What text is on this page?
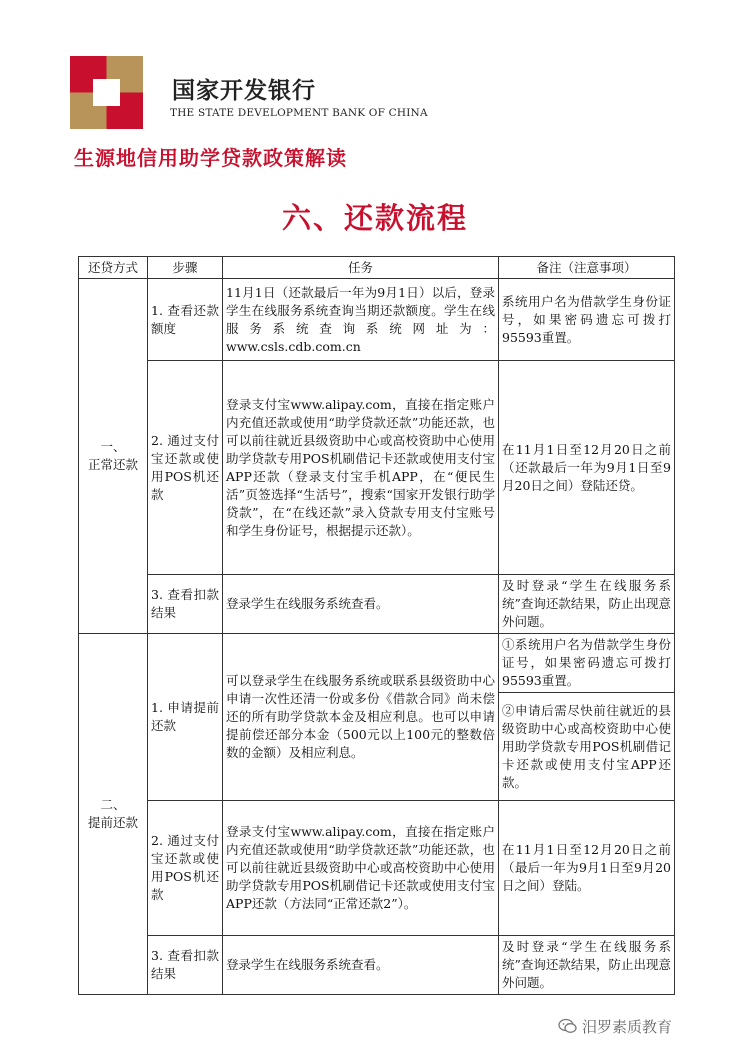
国家开发银行
THE STATE DEVELOPMENT BANK OF CHINA
生源地信用助学贷款政策解读
六、还款流程
还贷方式	步骤	任务	备注（注意事项）

一、
正常还款	1. 查看还款额度	11月1日（还款最后一年为9月1日）以后，登录学生在线服务系统查询当期还款额度。学生在线服务系统查询系统网址为：www.csls.cdb.com.cn	系统用户名为借款学生身份证号，如果密码遗忘可拨打95593重置。
	2. 通过支付宝还款或使用POS机还款	登录支付宝www.alipay.com，直接在指定账户内充值还款或使用“助学贷款还款”功能还款，也可以前往就近县级资助中心或高校资助中心使用助学贷款专用POS机刷借记卡还款或使用支付宝APP还款（登录支付宝手机APP，在“便民生活”页签选择“生活号”，搜索“国家开发银行助学贷款”，在“在线还款”录入贷款专用支付宝账号和学生身份证号，根据提示还款）。	在11月1日至12月20日之前（还款最后一年为9月1日至9月20日之间）登陆还贷。
	3. 查看扣款结果	登录学生在线服务系统查看。	及时登录“学生在线服务系统”查询还款结果，防止出现意外问题。

二、
提前还款	1. 申请提前还款	可以登录学生在线服务系统或联系县级资助中心申请一次性还清一份或多份《借款合同》尚未偿还的所有助学贷款本金及相应利息。也可以申请提前偿还部分本金（500元以上100元的整数倍数的金额）及相应利息。	①系统用户名为借款学生身份证号，如果密码遗忘可拨打95593重置。
			②申请后需尽快前往就近的县级资助中心或高校资助中心使用助学贷款专用POS机刷借记卡还款或使用支付宝APP还款。
	2. 通过支付宝还款或使用POS机还款	登录支付宝www.alipay.com，直接在指定账户内充值还款或使用“助学贷款还款”功能还款，也可以前往就近县级资助中心或高校资助中心使用助学贷款专用POS机刷借记卡还款或使用支付宝APP还款（方法同“正常还款2”）。	在11月1日至12月20日之前（最后一年为9月1日至9月20日之间）登陆。
	3. 查看扣款结果	登录学生在线服务系统查看。	及时登录“学生在线服务系统”查询还款结果，防止出现意外问题。
汨罗素质教育
